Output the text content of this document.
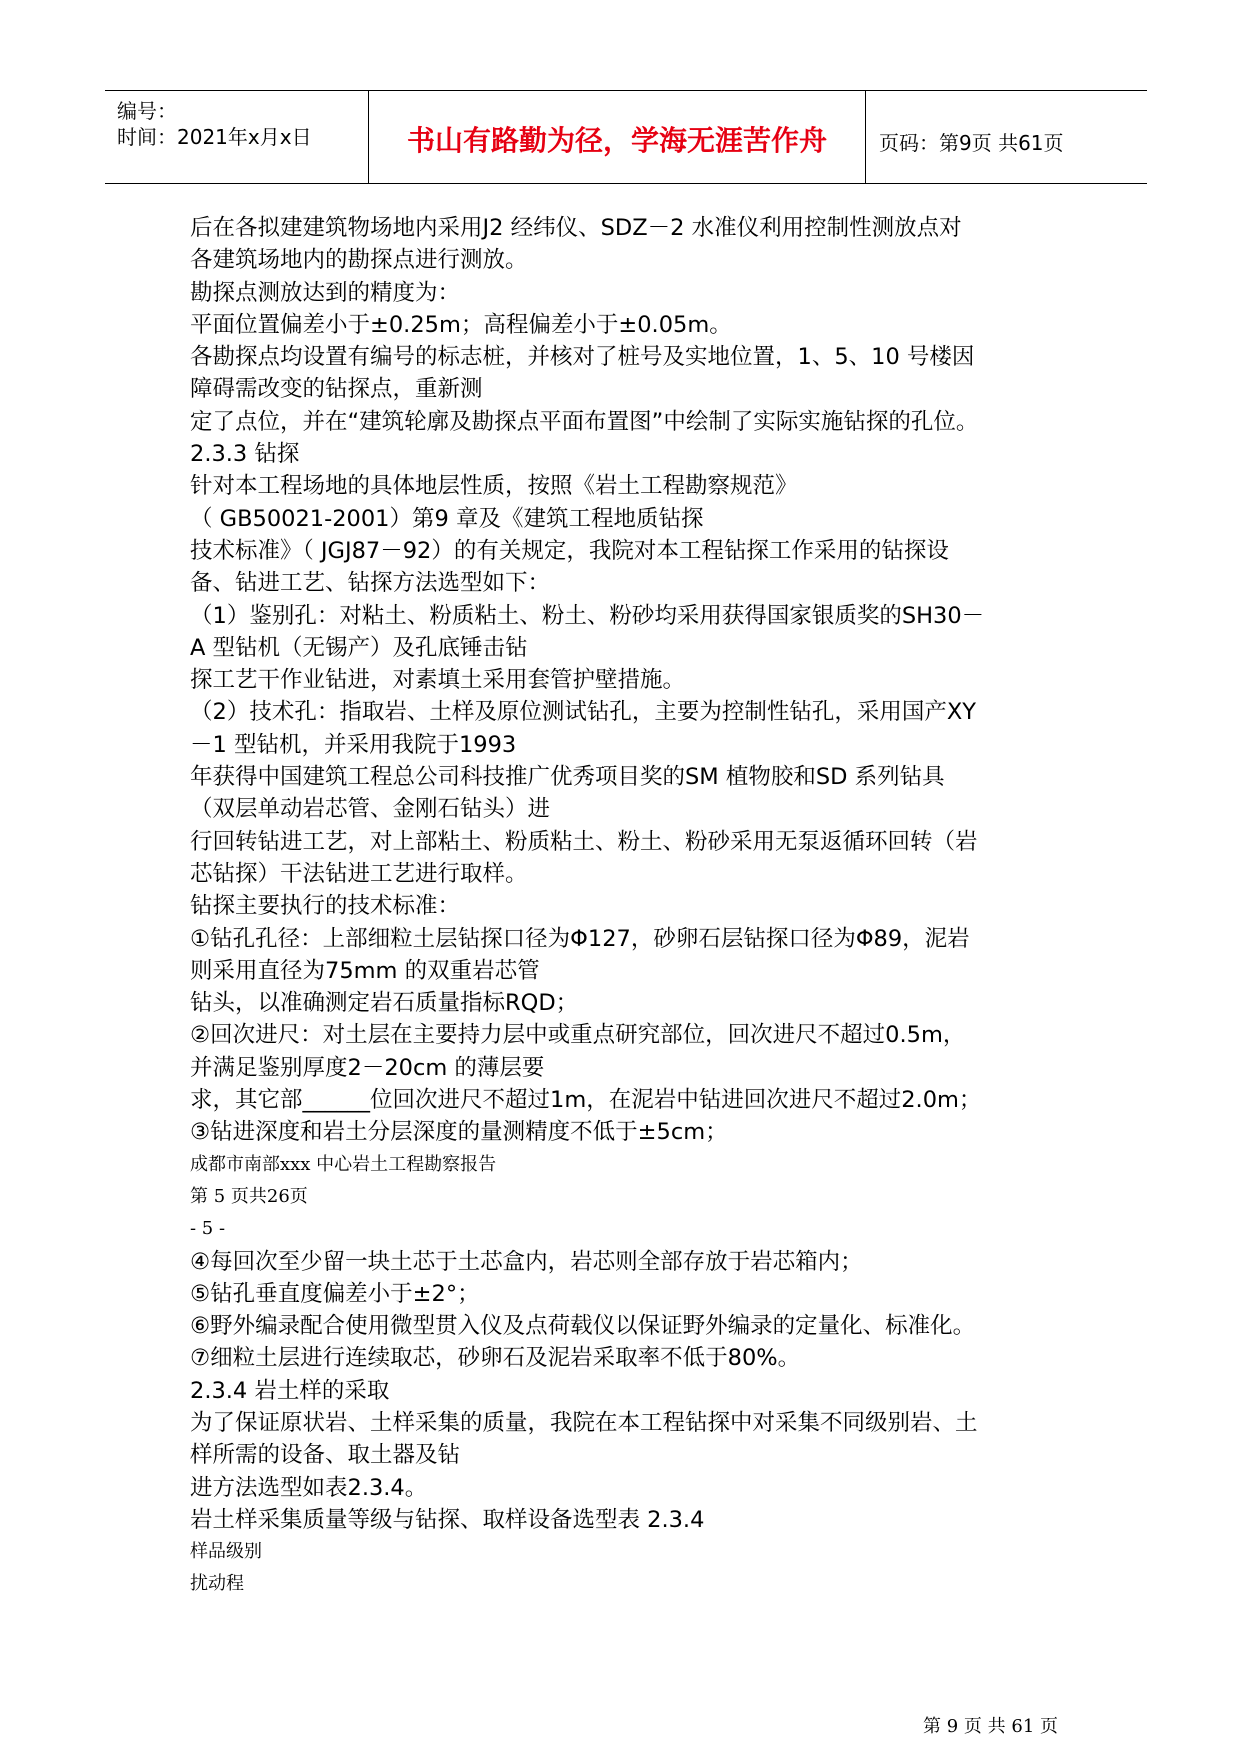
编号：
时间：2021年x月x日	书山有路勤为径，学海无涯苦作舟	页码：第9页 共61页
后在各拟建建筑物场地内采用J2 经纬仪、SDZ－2 水准仪利用控制性测放点对
各建筑场地内的勘探点进行测放。
勘探点测放达到的精度为：
平面位置偏差小于±0.25m；高程偏差小于±0.05m。
各勘探点均设置有编号的标志桩，并核对了桩号及实地位置，1、5、10 号楼因
障碍需改变的钻探点，重新测
定了点位，并在“建筑轮廓及勘探点平面布置图”中绘制了实际实施钻探的孔位。
2.3.3 钻探
针对本工程场地的具体地层性质，按照《岩土工程勘察规范》
（ GB50021-2001）第9 章及《建筑工程地质钻探
技术标准》（ JGJ87－92）的有关规定，我院对本工程钻探工作采用的钻探设
备、钻进工艺、钻探方法选型如下：
（1）鉴别孔：对粘土、粉质粘土、粉土、粉砂均采用获得国家银质奖的SH30－
A 型钻机（无锡产）及孔底锤击钻
探工艺干作业钻进，对素填土采用套管护壁措施。
（2）技术孔：指取岩、土样及原位测试钻孔，主要为控制性钻孔，采用国产XY
－1 型钻机，并采用我院于1993
年获得中国建筑工程总公司科技推广优秀项目奖的SM 植物胶和SD 系列钻具
（双层单动岩芯管、金刚石钻头）进
行回转钻进工艺，对上部粘土、粉质粘土、粉土、粉砂采用无泵返循环回转（岩
芯钻探）干法钻进工艺进行取样。
钻探主要执行的技术标准：
①钻孔孔径：上部细粒土层钻探口径为Φ127，砂卵石层钻探口径为Φ89，泥岩
则采用直径为75mm 的双重岩芯管
钻头，以准确测定岩石质量指标RQD；
②回次进尺：对土层在主要持力层中或重点研究部位，回次进尺不超过0.5m，
并满足鉴别厚度2－20cm 的薄层要
求，其它部______位回次进尺不超过1m，在泥岩中钻进回次进尺不超过2.0m；
③钻进深度和岩土分层深度的量测精度不低于±5cm；
成都市南部xxx 中心岩土工程勘察报告
第 5 页共26页
- 5 -
④每回次至少留一块土芯于土芯盒内，岩芯则全部存放于岩芯箱内；
⑤钻孔垂直度偏差小于±2°；
⑥野外编录配合使用微型贯入仪及点荷载仪以保证野外编录的定量化、标准化。
⑦细粒土层进行连续取芯，砂卵石及泥岩采取率不低于80%。
2.3.4 岩土样的采取
为了保证原状岩、土样采集的质量，我院在本工程钻探中对采集不同级别岩、土
样所需的设备、取土器及钻
进方法选型如表2.3.4。
岩土样采集质量等级与钻探、取样设备选型表 2.3.4
样品级别
扰动程
第 9 页 共 61 页
